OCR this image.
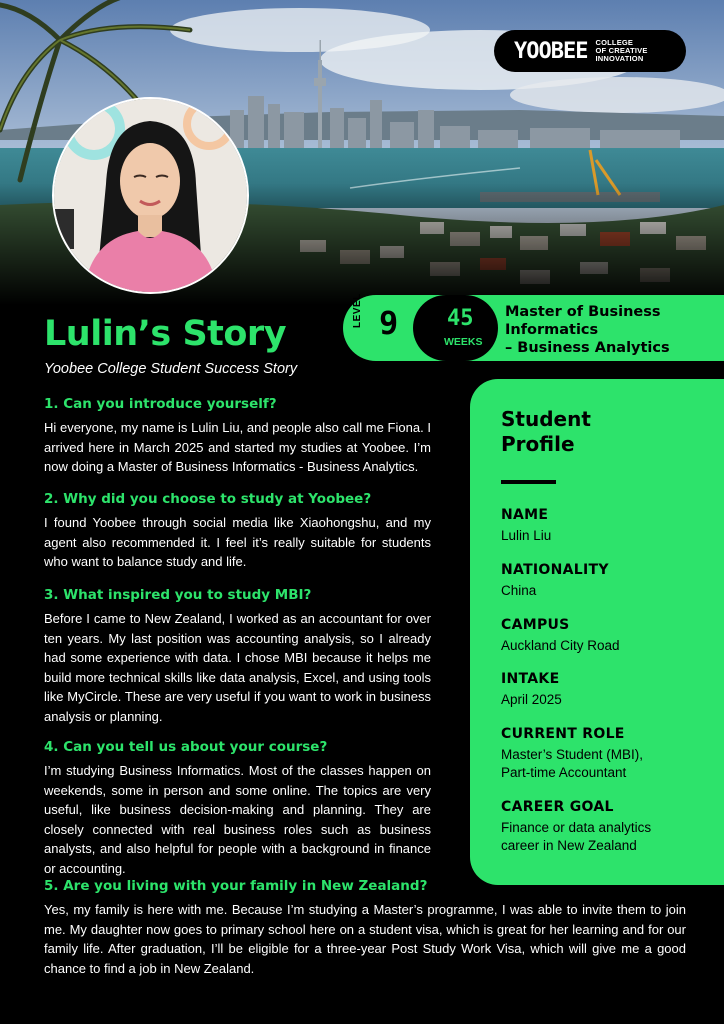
YOOBEE COLLEGE
OF CREATIVE
INNOVATION
Lulin’s Story
Yoobee College Student Success Story
LEVEL 9 45
WEEKS
Master of Business
Informatics
– Business Analytics
1. Can you introduce yourself?

Hi everyone, my name is Lulin Liu, and people also call me Fiona. I arrived here in March 2025 and started my studies at Yoobee. I’m now doing a Master of Business Informatics - Business Analytics.

2. Why did you choose to study at Yoobee?

I found Yoobee through social media like Xiaohongshu, and my agent also recommended it. I feel it’s really suitable for students who want to balance study and life.

3. What inspired you to study MBI?

Before I came to New Zealand, I worked as an accountant for over ten years. My last position was accounting analysis, so I already had some experience with data. I chose MBI because it helps me build more technical skills like data analysis, Excel, and using tools like MyCircle. These are very useful if you want to work in business analysis or planning.

4. Can you tell us about your course?

I’m studying Business Informatics. Most of the classes happen on weekends, some in person and some online. The topics are very useful, like business decision-making and planning. They are closely connected with real business roles such as business analysts, and also helpful for people with a background in finance or accounting.

5. Are you living with your family in New Zealand?

Yes, my family is here with me. Because I’m studying a Master’s programme, I was able to invite them to join me. My daughter now goes to primary school here on a student visa, which is great for her learning and for our family life. After graduation, I’ll be eligible for a three-year Post Study Work Visa, which will give me a good chance to find a job in New Zealand.

Student
Profile
NAME
Lulin Liu
NATIONALITY
China
CAMPUS
Auckland City Road
INTAKE
April 2025
CURRENT ROLE
Master’s Student (MBI), Part-time Accountant
CAREER GOAL
Finance or data analytics career in New Zealand
